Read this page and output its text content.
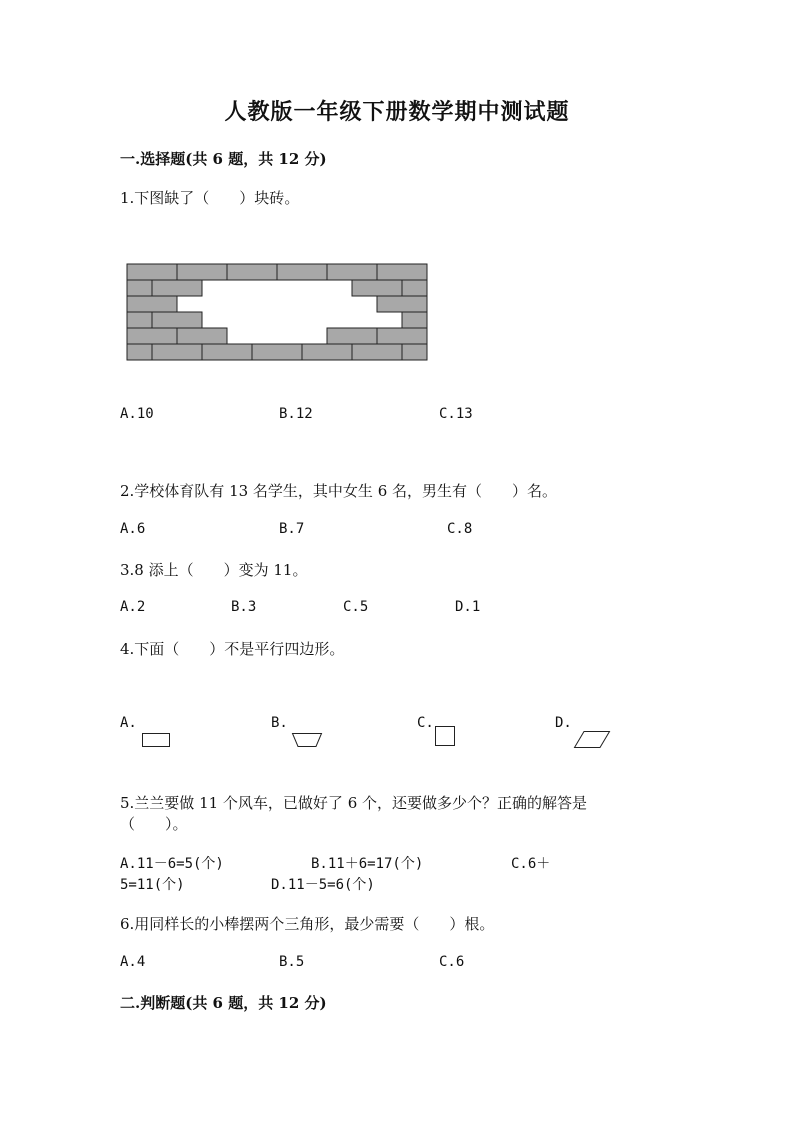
人教版一年级下册数学期中测试题
一.选择题(共 6 题，共 12 分)
1.下图缺了（　　）块砖。
A.10	B.12	C.13
2.学校体育队有 13 名学生，其中女生 6 名，男生有（　　）名。
A.6	B.7	C.8
3.8 添上（　　）变为 11。
A.2	B.3	C.5	D.1
4.下面（　　）不是平行四边形。
A.	B.	C.	D.
5.兰兰要做 11 个风车，已做好了 6 个，还要做多少个？正确的解答是
（　　）。
A.11－6=5(个)	B.11＋6=17(个)	C.6＋
5=11(个)	D.11－5=6(个)
6.用同样长的小棒摆两个三角形，最少需要（　　）根。
A.4	B.5	C.6
二.判断题(共 6 题，共 12 分)
